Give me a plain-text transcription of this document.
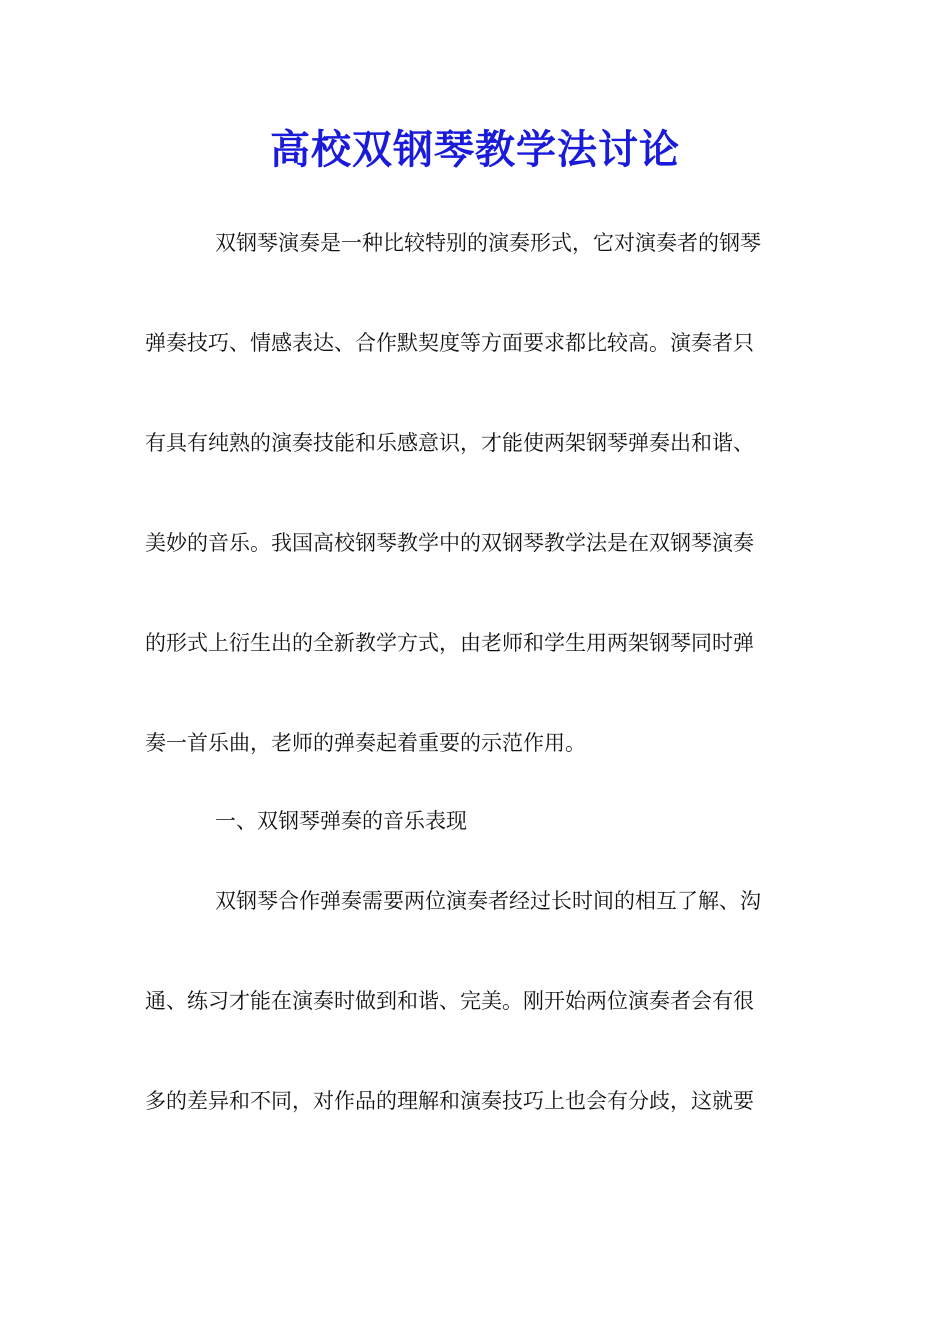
高校双钢琴教学法讨论

双钢琴演奏是一种比较特别的演奏形式，它对演奏者的钢琴

弹奏技巧、情感表达、合作默契度等方面要求都比较高。演奏者只

有具有纯熟的演奏技能和乐感意识，才能使两架钢琴弹奏出和谐、

美妙的音乐。我国高校钢琴教学中的双钢琴教学法是在双钢琴演奏

的形式上衍生出的全新教学方式，由老师和学生用两架钢琴同时弹

奏一首乐曲，老师的弹奏起着重要的示范作用。

一、双钢琴弹奏的音乐表现

双钢琴合作弹奏需要两位演奏者经过长时间的相互了解、沟

通、练习才能在演奏时做到和谐、完美。刚开始两位演奏者会有很

多的差异和不同，对作品的理解和演奏技巧上也会有分歧，这就要
